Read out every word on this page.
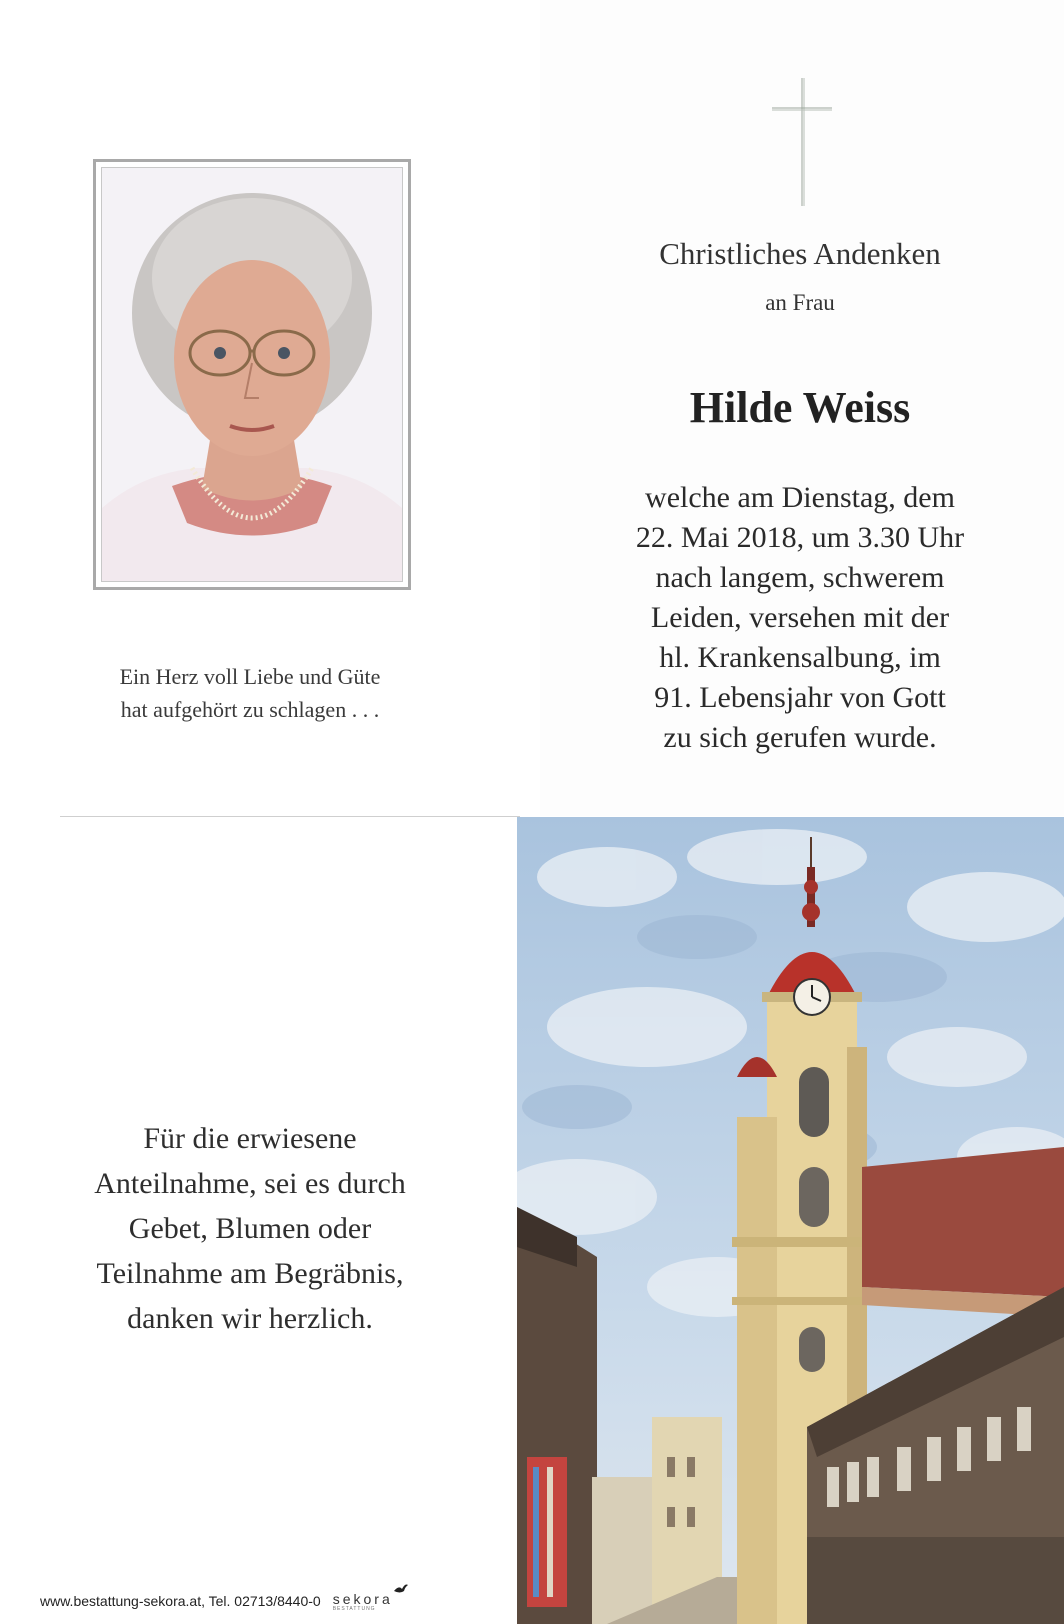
Ein Herz voll Liebe und Güte
hat aufgehört zu schlagen . . .
Christliches Andenken
an Frau
Hilde Weiss
welche am Dienstag, dem
22. Mai 2018, um 3.30 Uhr
nach langem, schwerem
Leiden, versehen mit der
hl. Krankensalbung, im
91. Lebensjahr von Gott
zu sich gerufen wurde.
Für die erwiesene
Anteilnahme, sei es durch
Gebet, Blumen oder
Teilnahme am Begräbnis,
danken wir herzlich.
www.bestattung-sekora.at, Tel. 02713/8440-0 sekora
BESTATTUNG
